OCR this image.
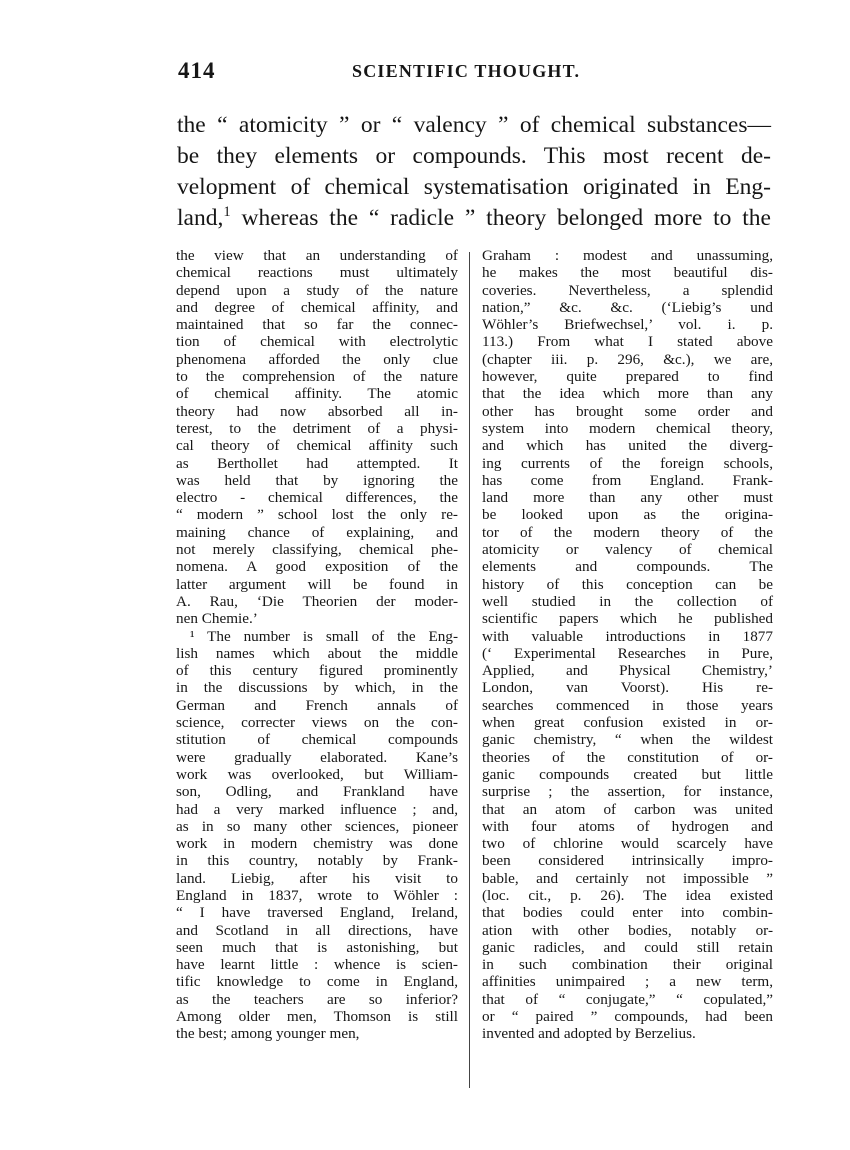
414	SCIENTIFIC THOUGHT.
the “ atomicity ” or “ valency ” of chemical substances—
be they elements or compounds. This most recent de-
velopment of chemical systematisation originated in Eng-
land,$^1$ whereas the “ radicle ” theory belonged more to the
the view that an understanding of
chemical reactions must ultimately
depend upon a study of the nature
and degree of chemical affinity, and
maintained that so far the connec-
tion of chemical with electrolytic
phenomena afforded the only clue
to the comprehension of the nature
of chemical affinity. The atomic
theory had now absorbed all in-
terest, to the detriment of a physi-
cal theory of chemical affinity such
as Berthollet had attempted. It
was held that by ignoring the
electro - chemical differences, the
“ modern ” school lost the only re-
maining chance of explaining, and
not merely classifying, chemical phe-
nomena. A good exposition of the
latter argument will be found in
A. Rau, ‘Die Theorien der moder-
nen Chemie.’
¹ The number is small of the Eng-
lish names which about the middle
of this century figured prominently
in the discussions by which, in the
German and French annals of
science, correcter views on the con-
stitution of chemical compounds
were gradually elaborated. Kane’s
work was overlooked, but William-
son, Odling, and Frankland have
had a very marked influence ; and,
as in so many other sciences, pioneer
work in modern chemistry was done
in this country, notably by Frank-
land. Liebig, after his visit to
England in 1837, wrote to Wöhler :
“ I have traversed England, Ireland,
and Scotland in all directions, have
seen much that is astonishing, but
have learnt little : whence is scien-
tific knowledge to come in England,
as the teachers are so inferior?
Among older men, Thomson is still
the best; among younger men,
Graham : modest and unassuming,
he makes the most beautiful dis-
coveries. Nevertheless, a splendid
nation,” &c. &c. (‘Liebig’s und
Wöhler’s Briefwechsel,’ vol. i. p.
113.) From what I stated above
(chapter iii. p. 296, &c.), we are,
however, quite prepared to find
that the idea which more than any
other has brought some order and
system into modern chemical theory,
and which has united the diverg-
ing currents of the foreign schools,
has come from England. Frank-
land more than any other must
be looked upon as the origina-
tor of the modern theory of the
atomicity or valency of chemical
elements and compounds. The
history of this conception can be
well studied in the collection of
scientific papers which he published
with valuable introductions in 1877
(‘ Experimental Researches in Pure,
Applied, and Physical Chemistry,’
London, van Voorst). His re-
searches commenced in those years
when great confusion existed in or-
ganic chemistry, “ when the wildest
theories of the constitution of or-
ganic compounds created but little
surprise ; the assertion, for instance,
that an atom of carbon was united
with four atoms of hydrogen and
two of chlorine would scarcely have
been considered intrinsically impro-
bable, and certainly not impossible ”
(loc. cit., p. 26). The idea existed
that bodies could enter into combin-
ation with other bodies, notably or-
ganic radicles, and could still retain
in such combination their original
affinities unimpaired ; a new term,
that of “ conjugate,” “ copulated,”
or “ paired ” compounds, had been
invented and adopted by Berzelius.
